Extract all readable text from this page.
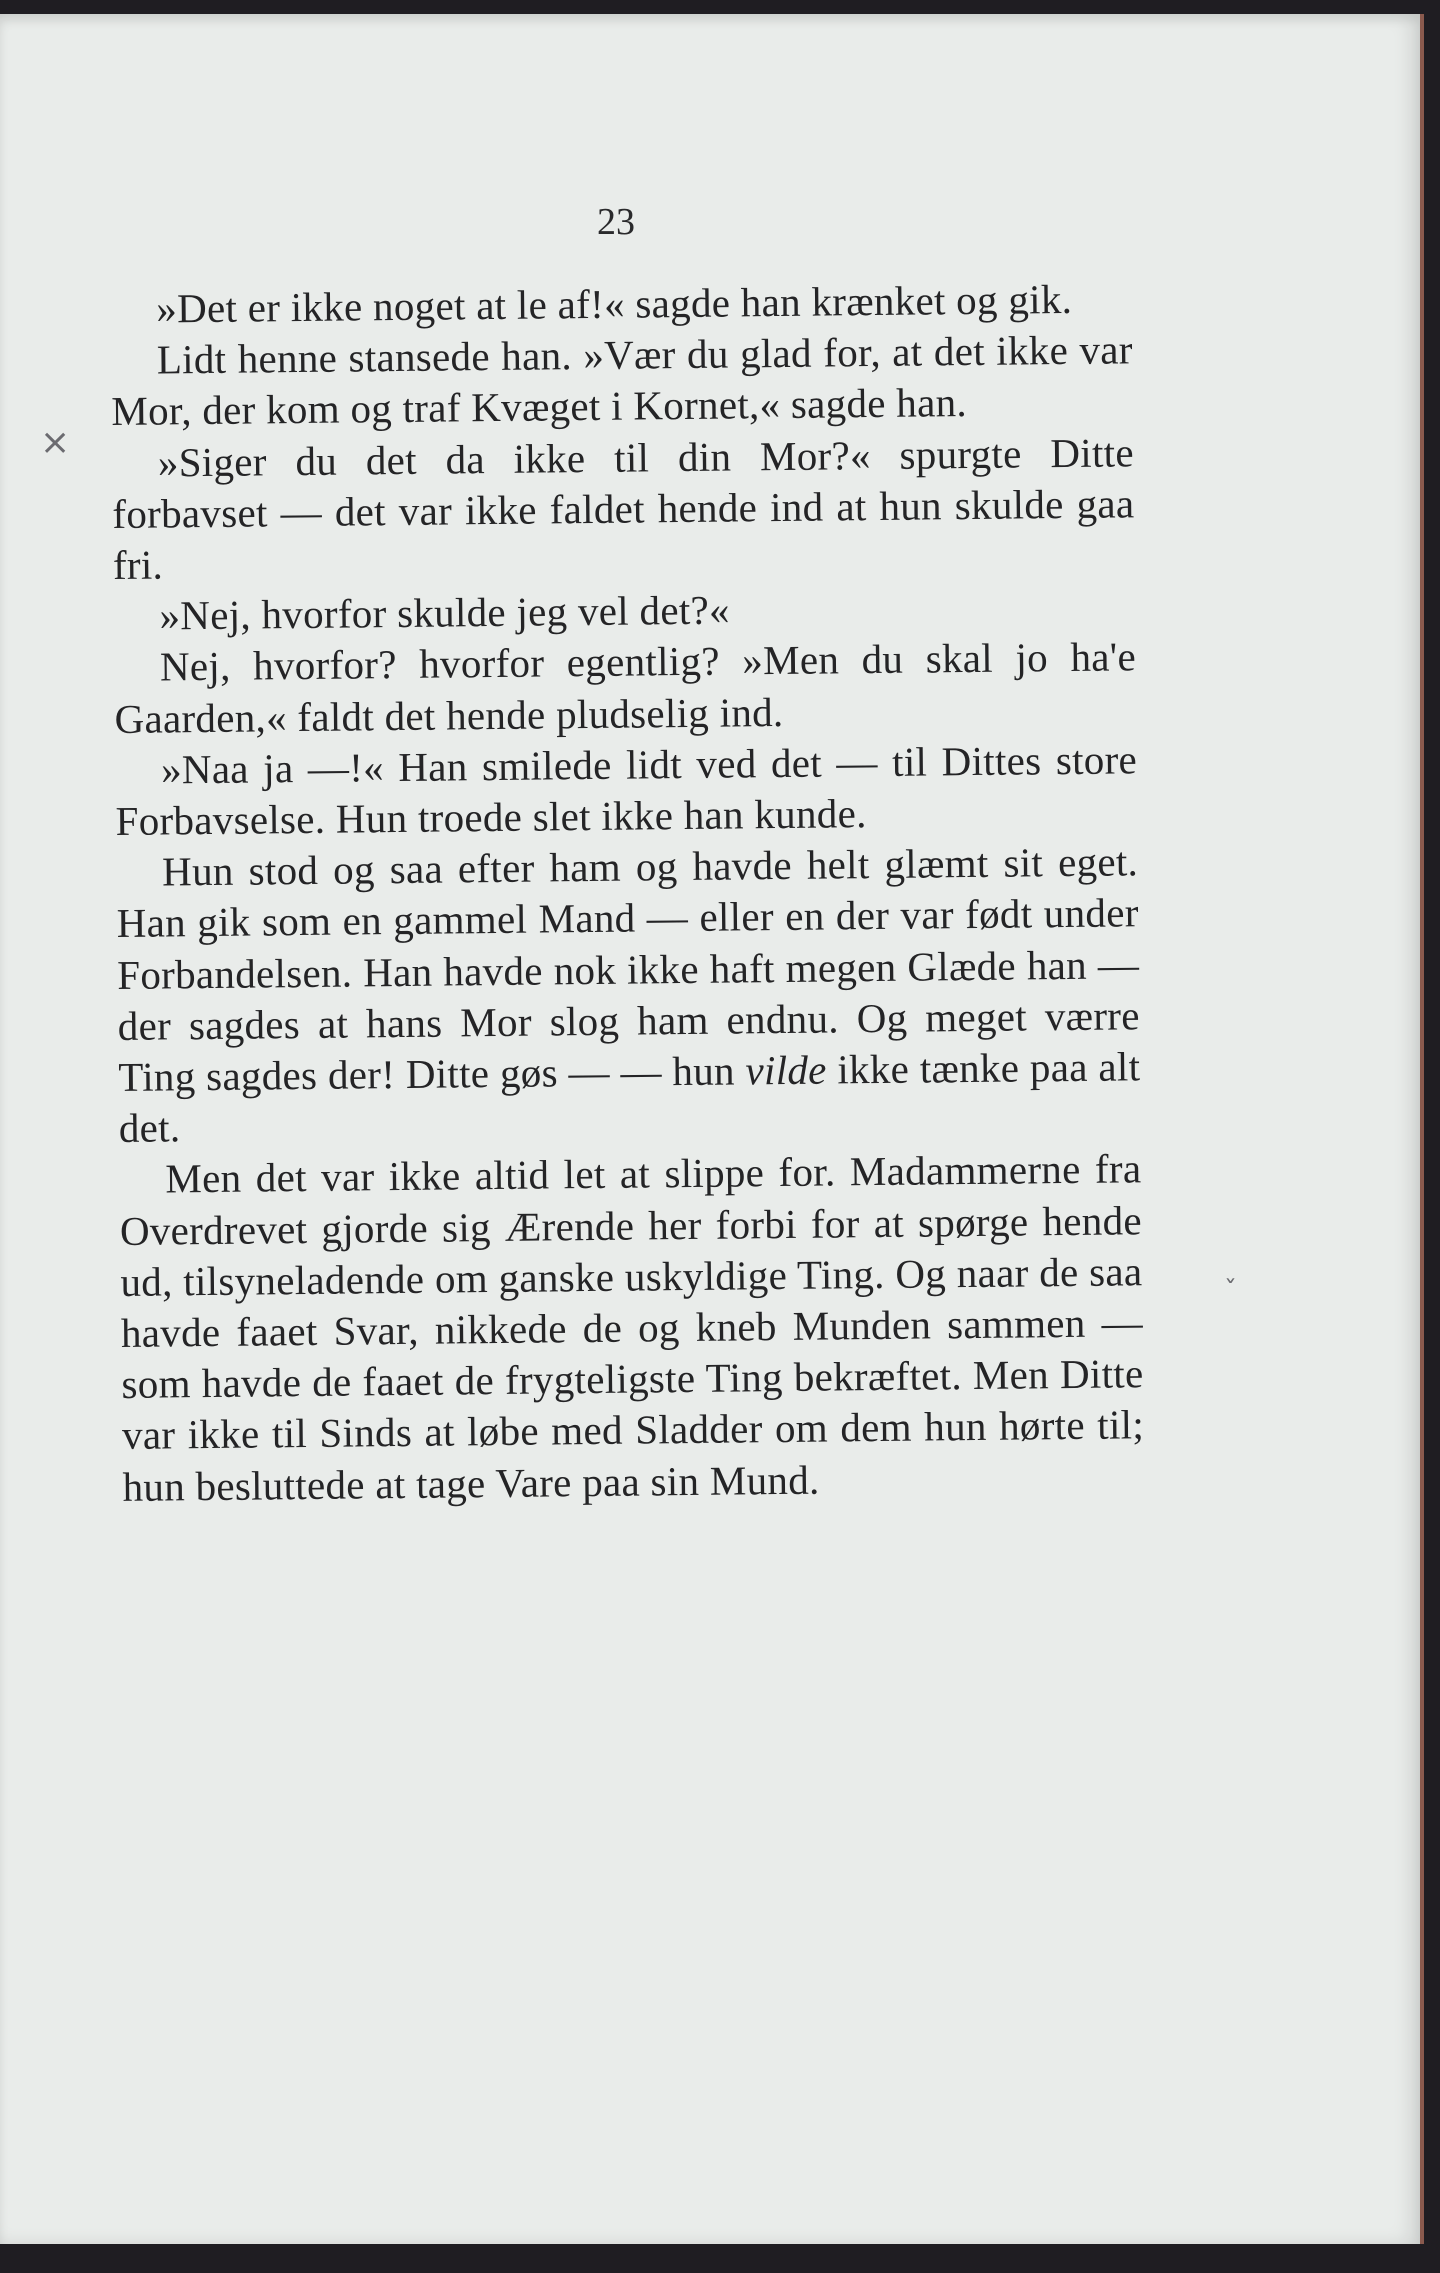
23
×
ˇ

»Det er ikke noget at le af!« sagde han krænket og gik.

Lidt henne stansede han. »Vær du glad for, at det ikke var Mor, der kom og traf Kvæget i Kornet,« sagde han.

»Siger du det da ikke til din Mor?« spurgte Ditte forbavset — det var ikke faldet hende ind at hun skulde gaa fri.

»Nej, hvorfor skulde jeg vel det?«

Nej, hvorfor? hvorfor egentlig? »Men du skal jo ha'e Gaarden,« faldt det hende pludselig ind.

»Naa ja —!« Han smilede lidt ved det — til Dittes store Forbavselse. Hun troede slet ikke han kunde.

Hun stod og saa efter ham og havde helt glæmt sit eget. Han gik som en gammel Mand — eller en der var født under Forbandelsen. Han havde nok ikke haft megen Glæde han — der sagdes at hans Mor slog ham endnu. Og meget værre Ting sagdes der! Ditte gøs — — hun vilde ikke tænke paa alt det.

Men det var ikke altid let at slippe for. Madammerne fra Overdrevet gjorde sig Ærende her forbi for at spørge hende ud, tilsyneladende om ganske uskyldige Ting. Og naar de saa havde faaet Svar, nikkede de og kneb Munden sammen — som havde de faaet de frygteligste Ting bekræftet. Men Ditte var ikke til Sinds at løbe med Sladder om dem hun hørte til; hun besluttede at tage Vare paa sin Mund.
